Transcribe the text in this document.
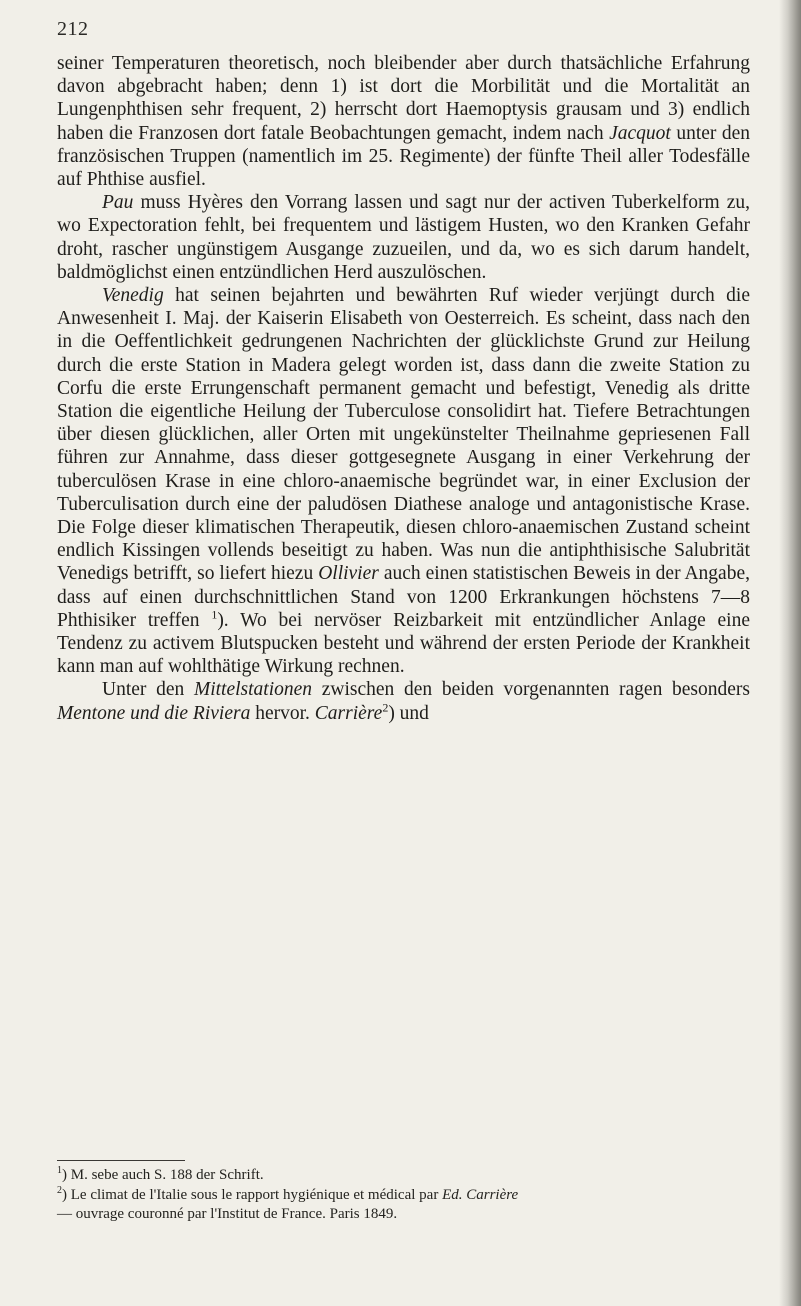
212

seiner Temperaturen theoretisch, noch bleibender aber durch thatsächliche Erfahrung davon abgebracht haben; denn 1) ist dort die Morbilität und die Mortalität an Lungenphthisen sehr frequent, 2) herrscht dort Haemoptysis grausam und 3) endlich haben die Franzosen dort fatale Beobachtungen gemacht, indem nach Jacquot unter den französischen Truppen (namentlich im 25. Regimente) der fünfte Theil aller Todesfälle auf Phthise ausfiel.

Pau muss Hyères den Vorrang lassen und sagt nur der activen Tuberkelform zu, wo Expectoration fehlt, bei frequentem und lästigem Husten, wo den Kranken Gefahr droht, rascher ungünstigem Ausgange zuzueilen, und da, wo es sich darum handelt, baldmöglichst einen entzündlichen Herd auszulöschen.

Venedig hat seinen bejahrten und bewährten Ruf wieder verjüngt durch die Anwesenheit I. Maj. der Kaiserin Elisabeth von Oesterreich. Es scheint, dass nach den in die Oeffentlichkeit gedrungenen Nachrichten der glücklichste Grund zur Heilung durch die erste Station in Madera gelegt worden ist, dass dann die zweite Station zu Corfu die erste Errungenschaft permanent gemacht und befestigt, Venedig als dritte Station die eigentliche Heilung der Tuberculose consolidirt hat. Tiefere Betrachtungen über diesen glücklichen, aller Orten mit ungekünstelter Theilnahme gepriesenen Fall führen zur Annahme, dass dieser gottgesegnete Ausgang in einer Verkehrung der tuberculösen Krase in eine chloro-anaemische begründet war, in einer Exclusion der Tuberculisation durch eine der paludösen Diathese analoge und antagonistische Krase. Die Folge dieser klimatischen Therapeutik, diesen chloro-anaemischen Zustand scheint endlich Kissingen vollends beseitigt zu haben. Was nun die antiphthisische Salubrität Venedigs betrifft, so liefert hiezu Ollivier auch einen statistischen Beweis in der Angabe, dass auf einen durchschnittlichen Stand von 1200 Erkrankungen höchstens 7—8 Phthisiker treffen $^1$). Wo bei nervöser Reizbarkeit mit entzündlicher Anlage eine Tendenz zu activem Blutspucken besteht und während der ersten Periode der Krankheit kann man auf wohlthätige Wirkung rechnen.

Unter den Mittelstationen zwischen den beiden vorgenannten ragen besonders Mentone und die Riviera hervor. Carrière$^2$) und

$^1$) M. sebe auch S. 188 der Schrift.

$^2$) Le climat de l'Italie sous le rapport hygiénique et médical par Ed. Carrière

— ouvrage couronné par l'Institut de France. Paris 1849.
